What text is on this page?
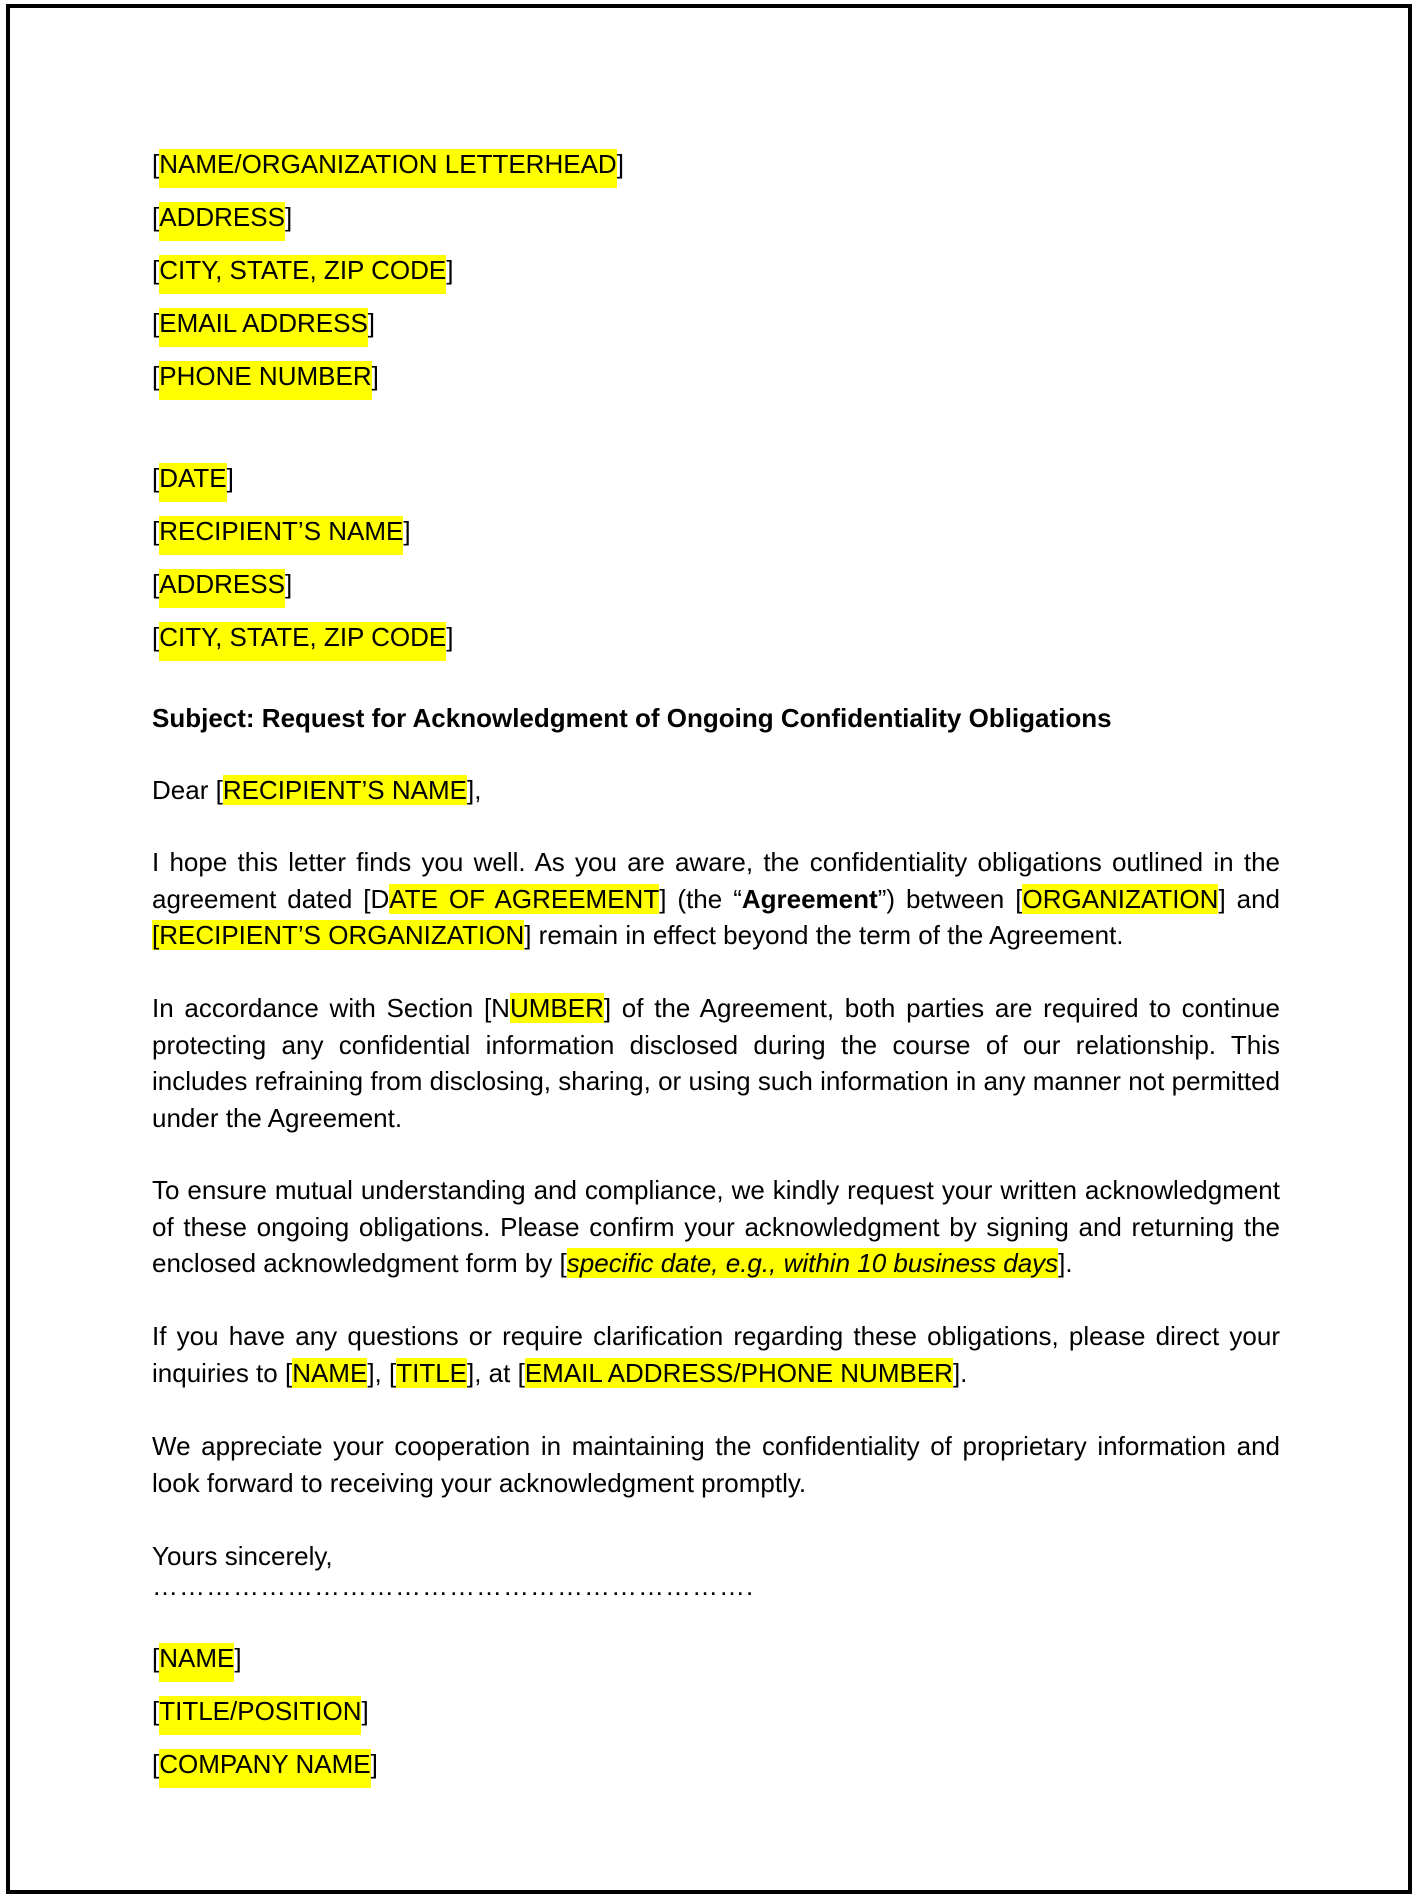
[NAME/ORGANIZATION LETTERHEAD]
[ADDRESS]
[CITY, STATE, ZIP CODE]
[EMAIL ADDRESS]
[PHONE NUMBER]
[DATE]
[RECIPIENT’S NAME]
[ADDRESS]
[CITY, STATE, ZIP CODE]
Subject: Request for Acknowledgment of Ongoing Confidentiality Obligations
Dear [RECIPIENT’S NAME],
I hope this letter finds you well. As you are aware, the confidentiality obligations outlined in the agreement dated [DATE OF AGREEMENT] (the “Agreement”) between [ORGANIZATION] and [RECIPIENT’S ORGANIZATION] remain in effect beyond the term of the Agreement.
In accordance with Section [NUMBER] of the Agreement, both parties are required to continue protecting any confidential information disclosed during the course of our relationship. This includes refraining from disclosing, sharing, or using such information in any manner not permitted under the Agreement.
To ensure mutual understanding and compliance, we kindly request your written acknowledgment of these ongoing obligations. Please confirm your acknowledgment by signing and returning the enclosed acknowledgment form by [specific date, e.g., within 10 business days].
If you have any questions or require clarification regarding these obligations, please direct your inquiries to [NAME], [TITLE], at [EMAIL ADDRESS/PHONE NUMBER].
We appreciate your cooperation in maintaining the confidentiality of proprietary information and look forward to receiving your acknowledgment promptly.
Yours sincerely,
………………………………………………………….
[NAME]
[TITLE/POSITION]
[COMPANY NAME]
